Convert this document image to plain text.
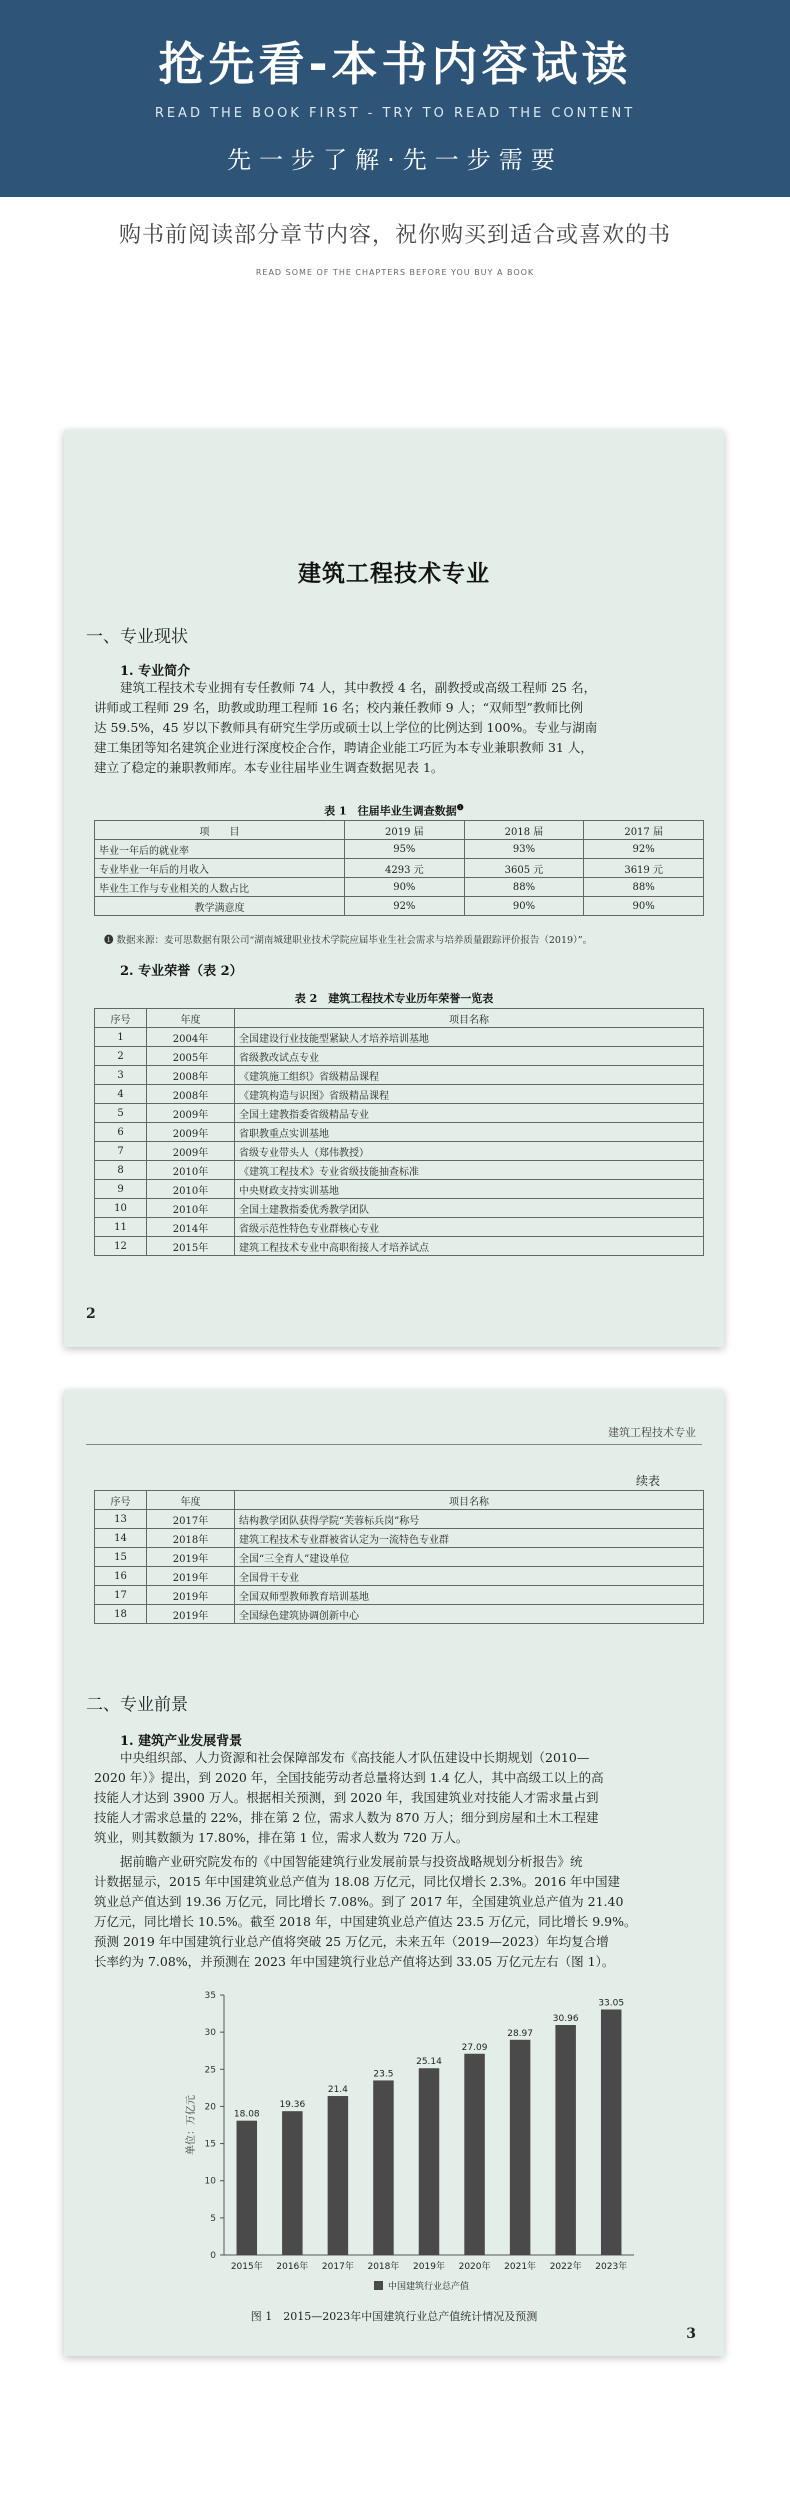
抢先看-本书内容试读
READ THE BOOK FIRST - TRY TO READ THE CONTENT
先一步了解·先一步需要
购书前阅读部分章节内容，祝你购买到适合或喜欢的书
READ SOME OF THE CHAPTERS BEFORE YOU BUY A BOOK
建筑工程技术专业
一、专业现状
1. 专业简介
建筑工程技术专业拥有专任教师 74 人，其中教授 4 名，副教授或高级工程师 25 名，
讲师或工程师 29 名，助教或助理工程师 16 名；校内兼任教师 9 人；“双师型”教师比例
达 59.5%，45 岁以下教师具有研究生学历或硕士以上学位的比例达到 100%。专业与湖南
建工集团等知名建筑企业进行深度校企合作，聘请企业能工巧匠为本专业兼职教师 31 人，
建立了稳定的兼职教师库。本专业往届毕业生调查数据见表 1。
表 1　往届毕业生调查数据$^❶$
项　　目	2019 届	2018 届	2017 届
毕业一年后的就业率	95%	93%	92%
专业毕业一年后的月收入	4293 元	3605 元	3619 元
毕业生工作与专业相关的人数占比	90%	88%	88%
教学满意度	92%	90%	90%
❶ 数据来源：麦可思数据有限公司“湖南城建职业技术学院应届毕业生社会需求与培养质量跟踪评价报告（2019）”。
2. 专业荣誉（表 2）
表 2　建筑工程技术专业历年荣誉一览表
序号	年度	项目名称
1	2004年	全国建设行业技能型紧缺人才培养培训基地
2	2005年	省级教改试点专业
3	2008年	《建筑施工组织》省级精品课程
4	2008年	《建筑构造与识图》省级精品课程
5	2009年	全国土建教指委省级精品专业
6	2009年	省职教重点实训基地
7	2009年	省级专业带头人（郑伟教授）
8	2010年	《建筑工程技术》专业省级技能抽查标准
9	2010年	中央财政支持实训基地
10	2010年	全国土建教指委优秀教学团队
11	2014年	省级示范性特色专业群核心专业
12	2015年	建筑工程技术专业中高职衔接人才培养试点
2
建筑工程技术专业
续表
序号	年度	项目名称
13	2017年	结构教学团队获得学院“芙蓉标兵岗”称号
14	2018年	建筑工程技术专业群被省认定为一流特色专业群
15	2019年	全国“三全育人”建设单位
16	2019年	全国骨干专业
17	2019年	全国双师型教师教育培训基地
18	2019年	全国绿色建筑协调创新中心
二、专业前景
1. 建筑产业发展背景
中央组织部、人力资源和社会保障部发布《高技能人才队伍建设中长期规划（2010—
2020 年）》提出，到 2020 年，全国技能劳动者总量将达到 1.4 亿人，其中高级工以上的高
技能人才达到 3900 万人。根据相关预测，到 2020 年，我国建筑业对技能人才需求量占到
技能人才需求总量的 22%，排在第 2 位，需求人数为 870 万人；细分到房屋和土木工程建
筑业，则其数额为 17.80%，排在第 1 位，需求人数为 720 万人。
据前瞻产业研究院发布的《中国智能建筑行业发展前景与投资战略规划分析报告》统
计数据显示，2015 年中国建筑业总产值为 18.08 万亿元，同比仅增长 2.3%。2016 年中国建
筑业总产值达到 19.36 万亿元，同比增长 7.08%。到了 2017 年，全国建筑业总产值为 21.40
万亿元，同比增长 10.5%。截至 2018 年，中国建筑业总产值达 23.5 万亿元，同比增长 9.9%。
预测 2019 年中国建筑行业总产值将突破 25 万亿元，未来五年（2019—2023）年均复合增
长率约为 7.08%，并预测在 2023 年中国建筑行业总产值将达到 33.05 万亿元左右（图 1）。
0
5
10
15
20
25
30
35
单位：万亿元	18.08
2015年
19.36
2016年
21.4
2017年
23.5
2018年
25.14
2019年
27.09
2020年
28.97
2021年
30.96
2022年
33.05
2023年
中国建筑行业总产值
图 1　2015—2023年中国建筑行业总产值统计情况及预测
3
